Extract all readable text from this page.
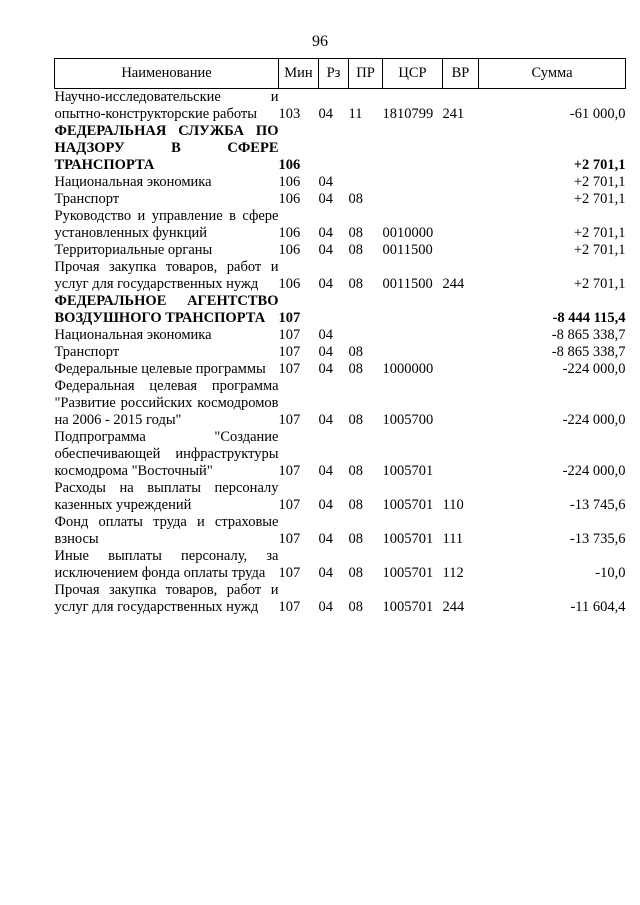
96
Наименование	Мин	Рз	ПР	ЦСР	ВР	Сумма
Научно-исследовательские и опытно-конструкторские работы	103	04	11	1810799	241	-61 000,0
ФЕДЕРАЛЬНАЯ СЛУЖБА ПО НАДЗОРУ В СФЕРЕ ТРАНСПОРТА	106					+2 701,1
Национальная экономика	106	04				+2 701,1
Транспорт	106	04	08			+2 701,1
Руководство и управление в сфере установленных функций	106	04	08	0010000		+2 701,1
Территориальные органы	106	04	08	0011500		+2 701,1
Прочая закупка товаров, работ и услуг для государственных нужд	106	04	08	0011500	244	+2 701,1
ФЕДЕРАЛЬНОЕ АГЕНТСТВО ВОЗДУШНОГО ТРАНСПОРТА	107					-8 444 115,4
Национальная экономика	107	04				-8 865 338,7
Транспорт	107	04	08			-8 865 338,7
Федеральные целевые программы	107	04	08	1000000		-224 000,0
Федеральная целевая программа "Развитие российских космодромов на 2006 - 2015 годы"	107	04	08	1005700		-224 000,0
Подпрограмма "Создание обеспечивающей инфраструктуры космодрома "Восточный"	107	04	08	1005701		-224 000,0
Расходы на выплаты персоналу казенных учреждений	107	04	08	1005701	110	-13 745,6
Фонд оплаты труда и страховые взносы	107	04	08	1005701	111	-13 735,6
Иные выплаты персоналу, за исключением фонда оплаты труда	107	04	08	1005701	112	-10,0
Прочая закупка товаров, работ и услуг для государственных нужд	107	04	08	1005701	244	-11 604,4
